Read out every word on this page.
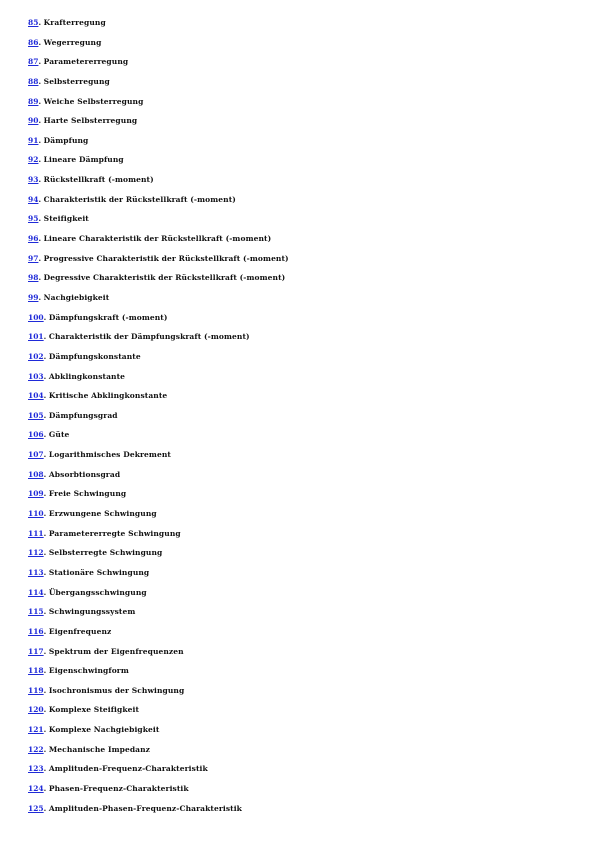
85. Krafterregung
86. Wegerregung
87. Parametererregung
88. Selbsterregung
89. Weiche Selbsterregung
90. Harte Selbsterregung
91. Dämpfung
92. Lineare Dämpfung
93. Rückstellkraft (-moment)
94. Charakteristik der Rückstellkraft (-moment)
95. Steifigkeit
96. Lineare Charakteristik der Rückstellkraft (-moment)
97. Progressive Charakteristik der Rückstellkraft (-moment)
98. Degressive Charakteristik der Rückstellkraft (-moment)
99. Nachgiebigkeit
100. Dämpfungskraft (-moment)
101. Charakteristik der Dämpfungskraft (-moment)
102. Dämpfungskonstante
103. Abklingkonstante
104. Kritische Abklingkonstante
105. Dämpfungsgrad
106. Güte
107. Logarithmisches Dekrement
108. Absorbtionsgrad
109. Freie Schwingung
110. Erzwungene Schwingung
111. Parametererregte Schwingung
112. Selbsterregte Schwingung
113. Stationäre Schwingung
114. Übergangsschwingung
115. Schwingungssystem
116. Eigenfrequenz
117. Spektrum der Eigenfrequenzen
118. Eigenschwingform
119. Isochronismus der Schwingung
120. Komplexe Steifigkeit
121. Komplexe Nachgiebigkeit
122. Mechanische Impedanz
123. Amplituden-Frequenz-Charakteristik
124. Phasen-Frequenz-Charakteristik
125. Amplituden-Phasen-Frequenz-Charakteristik
